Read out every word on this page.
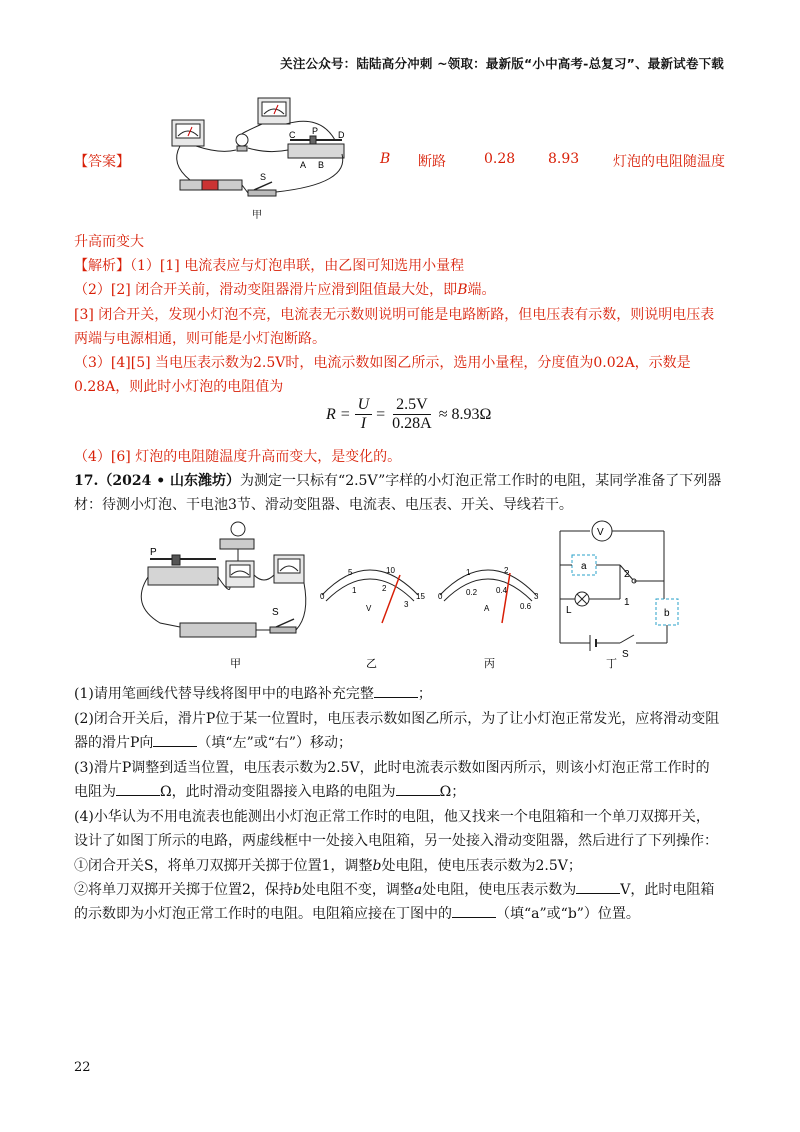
关注公众号：陆陆高分冲刺 ~领取：最新版“小中高考-总复习”、最新试卷下载
【答案】
C P D
A B
S
甲
B 断路	0.28 8.93 灯泡的电阻随温度
升高而变大
【解析】（1）[1] 电流表应与灯泡串联，由乙图可知选用小量程
（2）[2] 闭合开关前，滑动变阻器滑片应滑到阻值最大处，即B端。
[3] 闭合开关，发现小灯泡不亮，电流表无示数则说明可能是电路断路，但电压表有示数，则说明电压表
两端与电源相通，则可能是小灯泡断路。
（3）[4][5] 当电压表示数为2.5V时，电流示数如图乙所示，选用小量程，分度值为0.02A，示数是
0.28A，则此时小灯泡的电阻值为
$R = \frac{U}{I} = \frac{2.5V}{0.28A} \approx 8.93\Omega$
（4）[6] 灯泡的电阻随温度升高而变大，是变化的。
17.（2024 • 山东潍坊）为测定一只标有“2.5V”字样的小灯泡正常工作时的电阻，某同学准备了下列器
材：待测小灯泡、干电池3节、滑动变阻器、电流表、电压表、开关、导线若干。
P
S
甲
0
5	10
15
1	2
3
V
乙
0
1	2
3
0.2 0.4
0.6
A
丙
V
a
2
1
L	b
S
丁
(1)请用笔画线代替导线将图甲中的电路补充完整	；
(2)闭合开关后，滑片P位于某一位置时，电压表示数如图乙所示，为了让小灯泡正常发光，应将滑动变阻
器的滑片P向	（填“左”或“右”）移动；
(3)滑片P调整到适当位置，电压表示数为2.5V，此时电流表示数如图丙所示，则该小灯泡正常工作时的
电阻为	Ω，此时滑动变阻器接入电路的电阻为	Ω；
(4)小华认为不用电流表也能测出小灯泡正常工作时的电阻，他又找来一个电阻箱和一个单刀双掷开关，
设计了如图丁所示的电路，两虚线框中一处接入电阻箱，另一处接入滑动变阻器，然后进行了下列操作：
①闭合开关S，将单刀双掷开关掷于位置1，调整b处电阻，使电压表示数为2.5V；
②将单刀双掷开关掷于位置2，保持b处电阻不变，调整a处电阻，使电压表示数为	V，此时电阻箱
的示数即为小灯泡正常工作时的电阻。电阻箱应接在丁图中的	（填“a”或“b”）位置。
22
